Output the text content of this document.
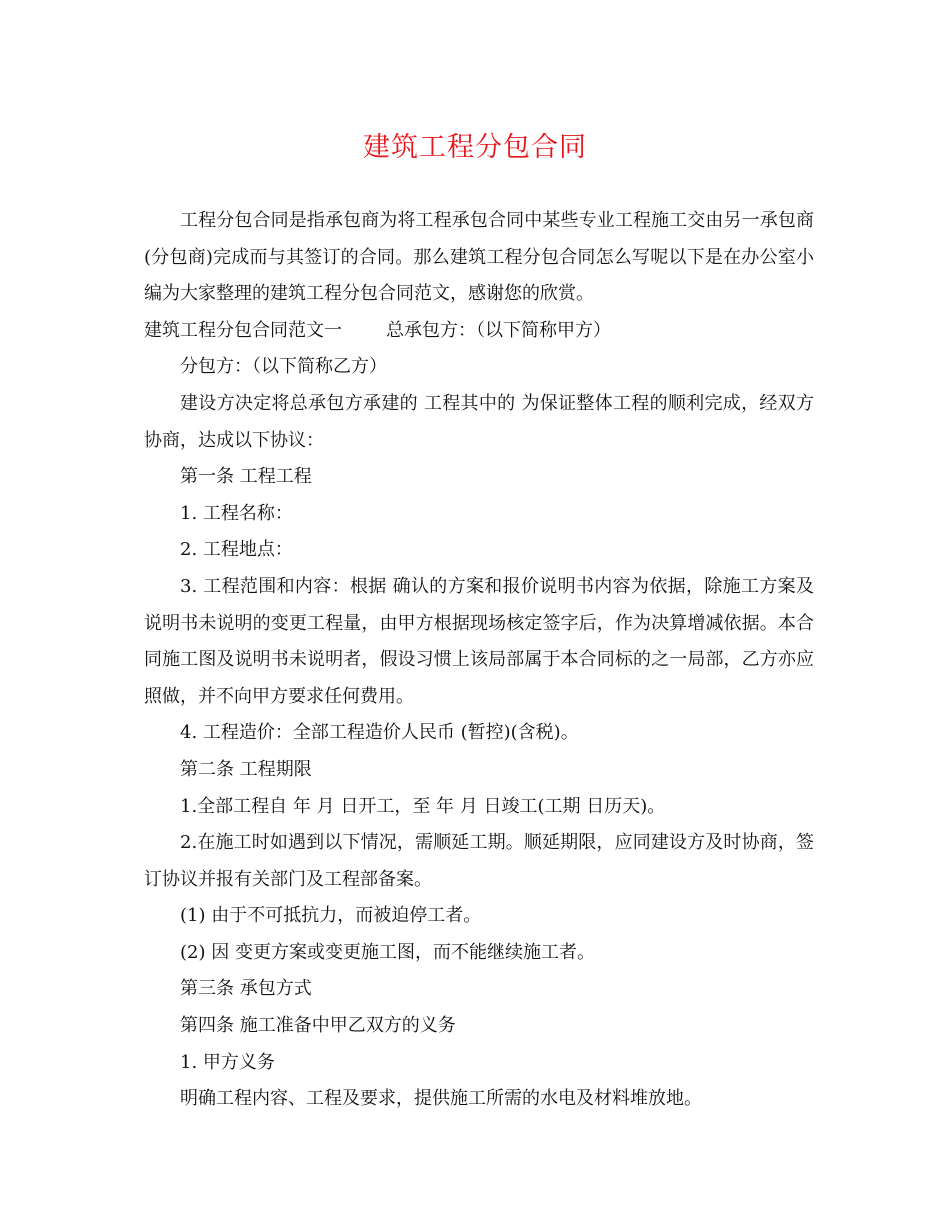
建筑工程分包合同

工程分包合同是指承包商为将工程承包合同中某些专业工程施工交由另一承包商(分包商)完成而与其签订的合同。那么建筑工程分包合同怎么写呢以下是在办公室小编为大家整理的建筑工程分包合同范文，感谢您的欣赏。

建筑工程分包合同范文一 总承包方：（以下简称甲方）

分包方：（以下简称乙方）

建设方决定将总承包方承建的 工程其中的 为保证整体工程的顺利完成，经双方协商，达成以下协议：

第一条 工程工程

1. 工程名称：

2. 工程地点：

3. 工程范围和内容：根据 确认的方案和报价说明书内容为依据，除施工方案及说明书未说明的变更工程量，由甲方根据现场核定签字后，作为决算增减依据。本合同施工图及说明书未说明者，假设习惯上该局部属于本合同标的之一局部，乙方亦应照做，并不向甲方要求任何费用。

4. 工程造价：全部工程造价人民币 (暂控)(含税)。

第二条 工程期限

1.全部工程自 年 月 日开工，至 年 月 日竣工(工期 日历天)。

2.在施工时如遇到以下情况，需顺延工期。顺延期限，应同建设方及时协商，签订协议并报有关部门及工程部备案。

(1) 由于不可抵抗力，而被迫停工者。

(2) 因 变更方案或变更施工图，而不能继续施工者。

第三条 承包方式

第四条 施工准备中甲乙双方的义务

1. 甲方义务

明确工程内容、工程及要求，提供施工所需的水电及材料堆放地。
